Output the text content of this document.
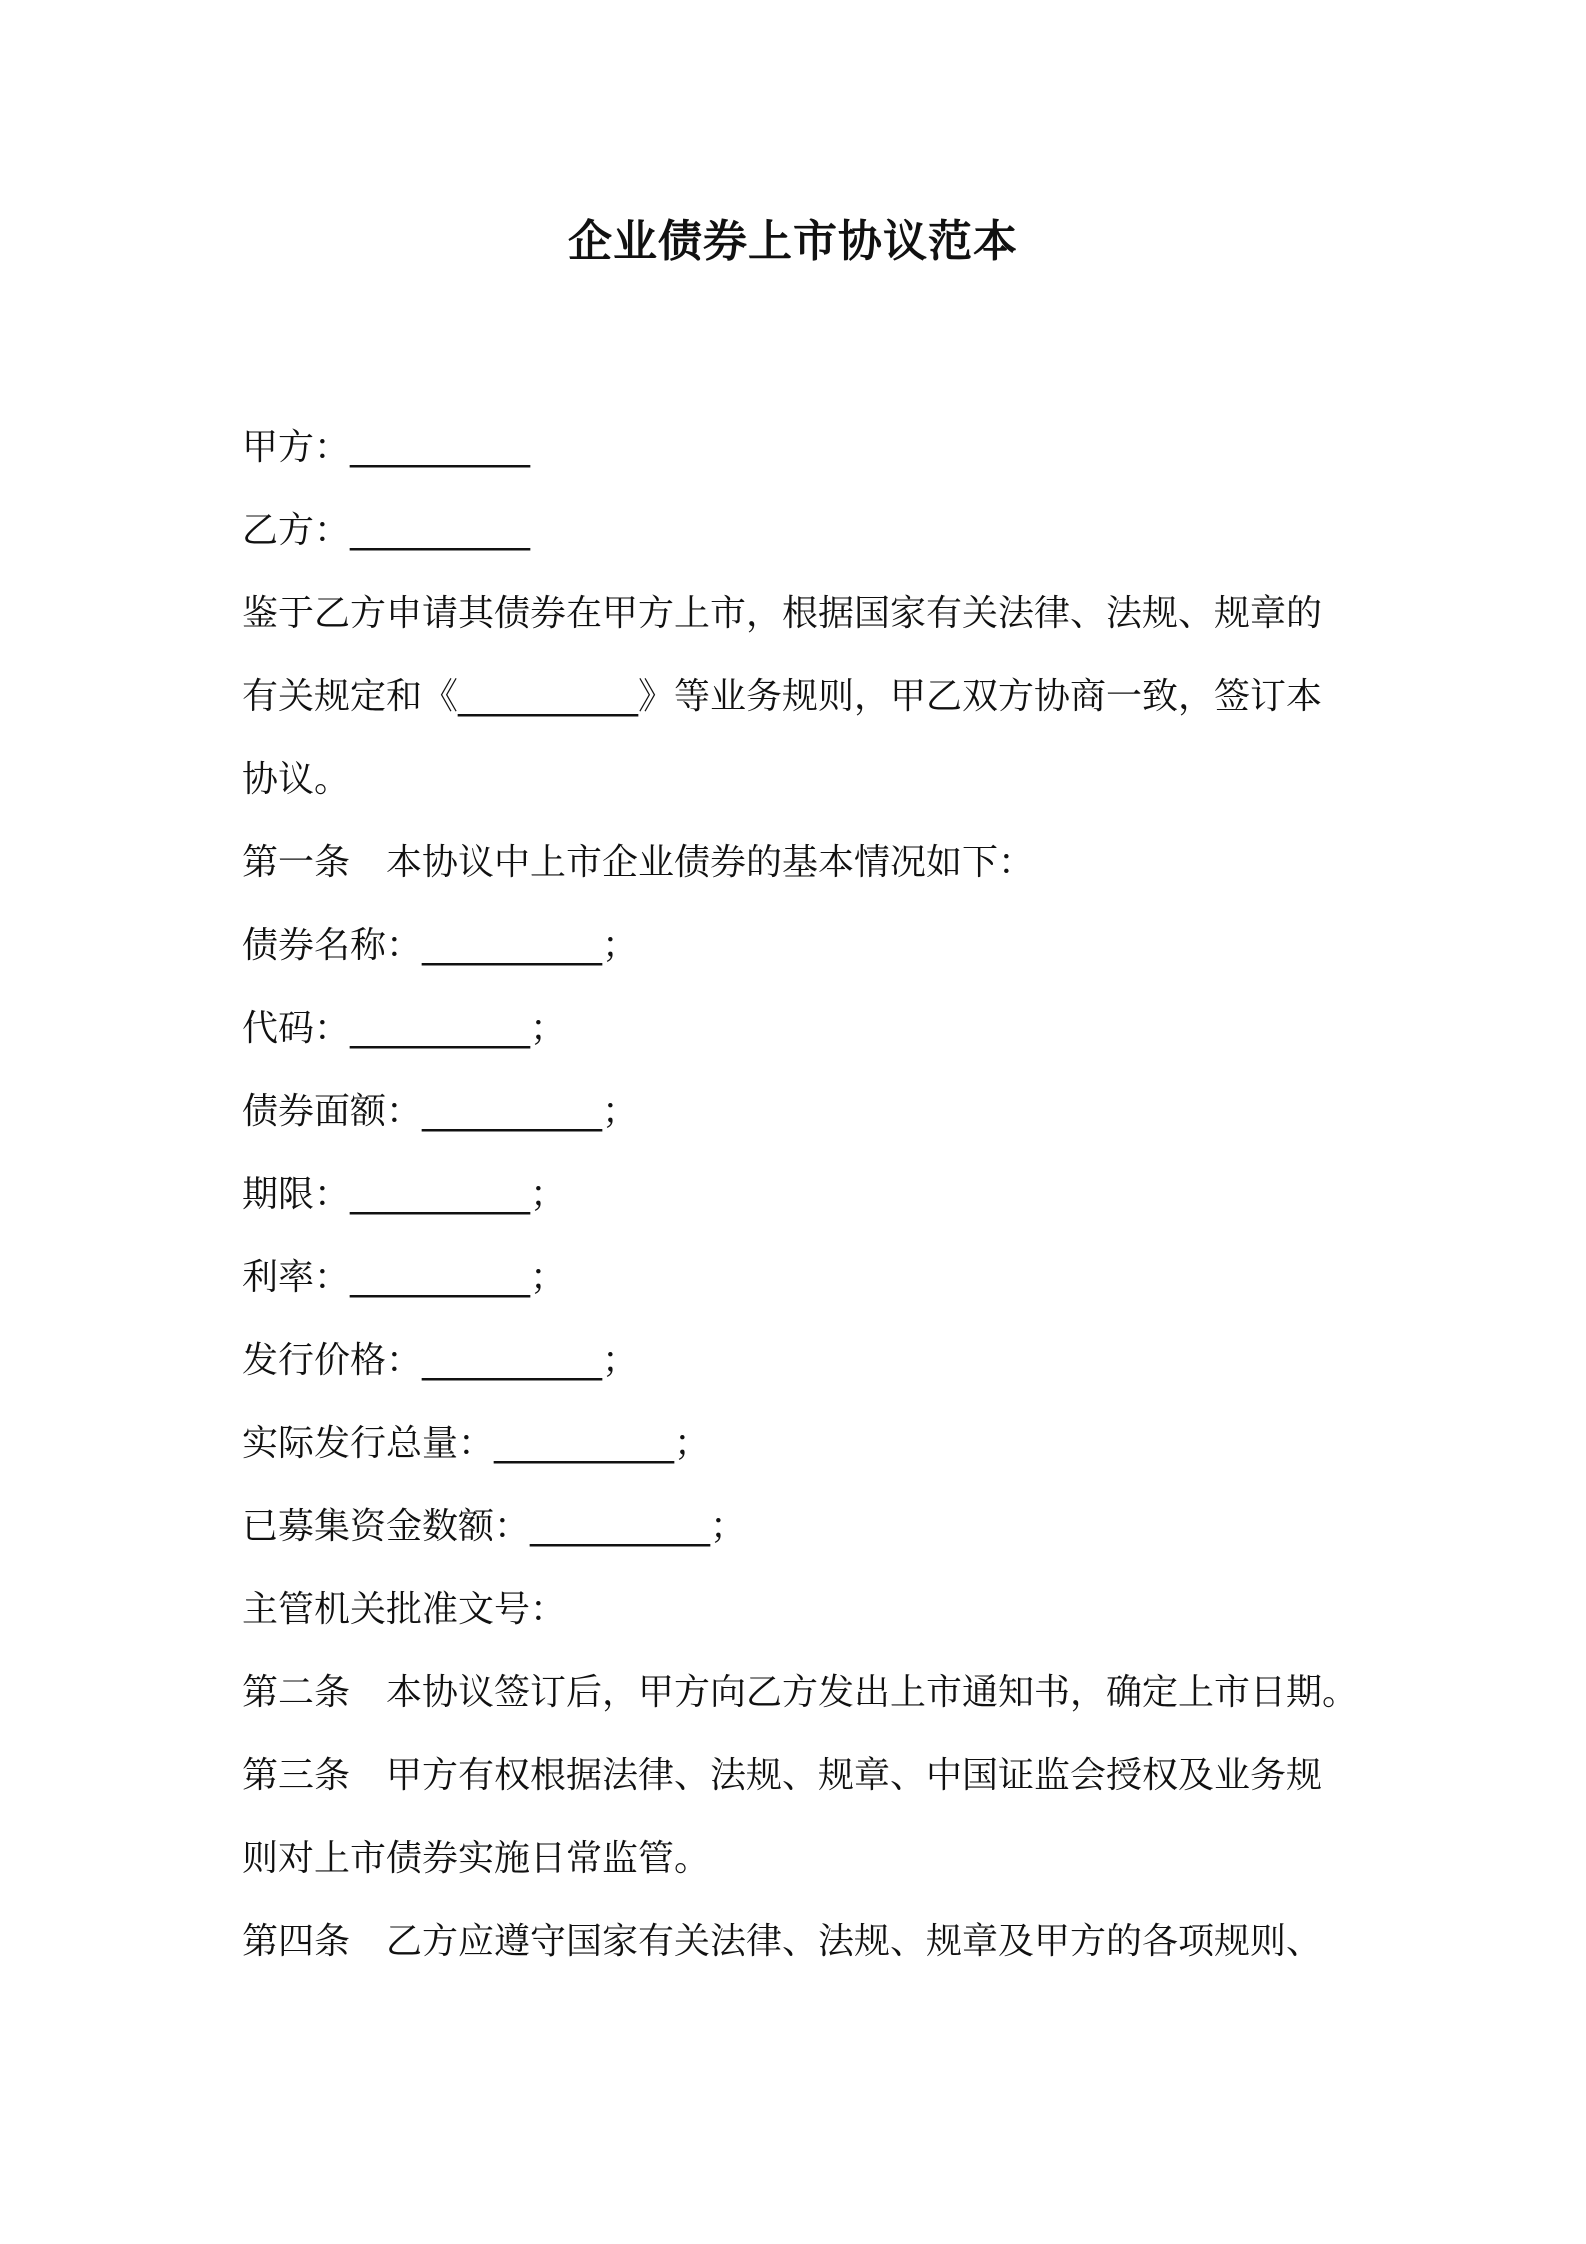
企业债券上市协议范本
甲方：__________
乙方：__________
鉴于乙方申请其债券在甲方上市，根据国家有关法律、法规、规章的
有关规定和《__________》等业务规则，甲乙双方协商一致，签订本
协议。
第一条　本协议中上市企业债券的基本情况如下：
债券名称：__________；
代码：__________；
债券面额：__________；
期限：__________；
利率：__________；
发行价格：__________；
实际发行总量：__________；
已募集资金数额：__________；
主管机关批准文号：
第二条　本协议签订后，甲方向乙方发出上市通知书，确定上市日期。
第三条　甲方有权根据法律、法规、规章、中国证监会授权及业务规
则对上市债券实施日常监管。
第四条　乙方应遵守国家有关法律、法规、规章及甲方的各项规则、
